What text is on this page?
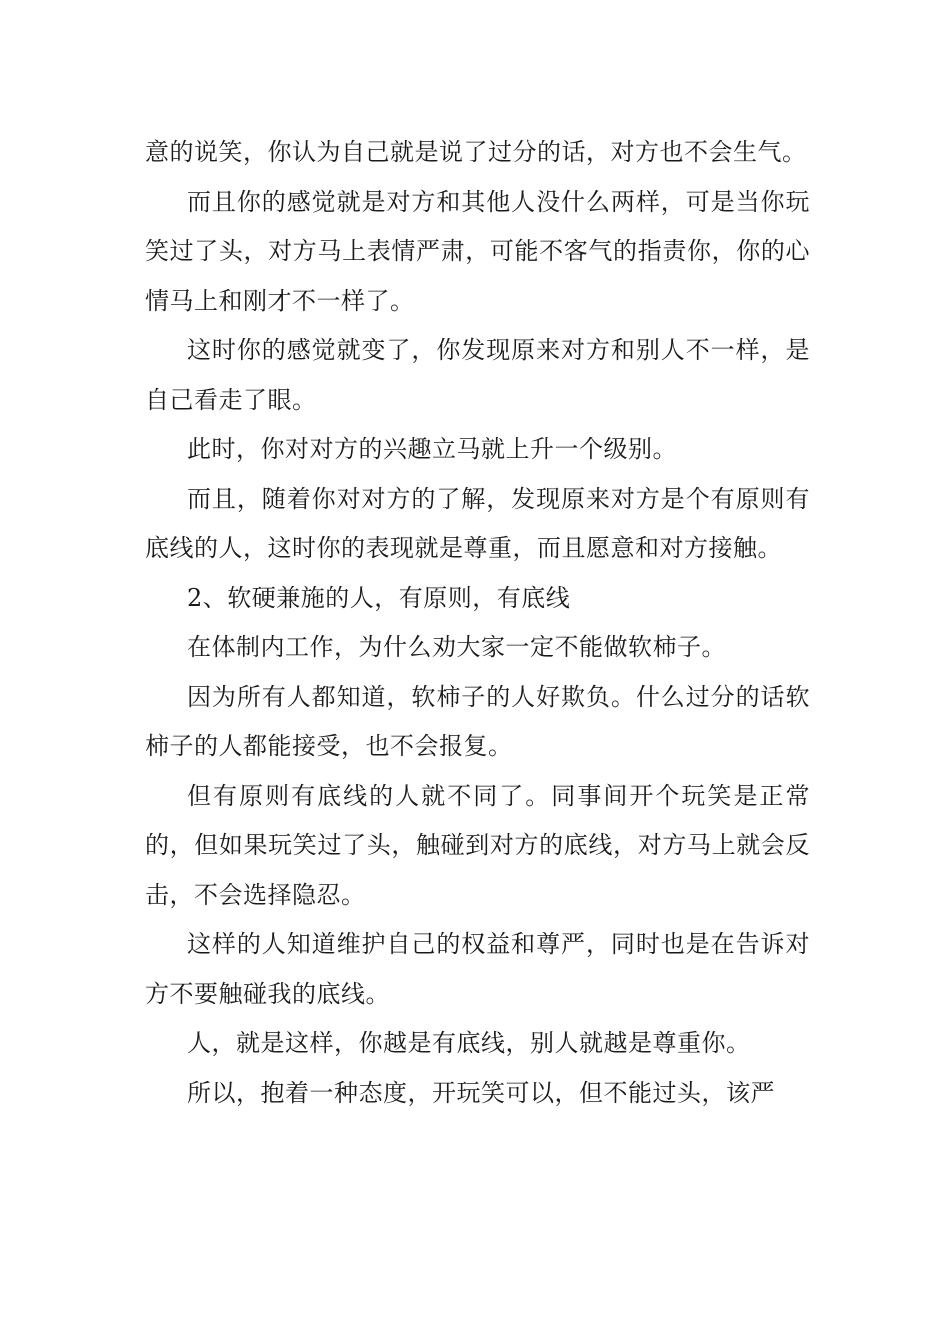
意的说笑，你认为自己就是说了过分的话，对方也不会生气。

而且你的感觉就是对方和其他人没什么两样，可是当你玩笑过了头，对方马上表情严肃，可能不客气的指责你，你的心情马上和刚才不一样了。

这时你的感觉就变了，你发现原来对方和别人不一样，是自己看走了眼。

此时，你对对方的兴趣立马就上升一个级别。

而且，随着你对对方的了解，发现原来对方是个有原则有底线的人，这时你的表现就是尊重，而且愿意和对方接触。

2、软硬兼施的人，有原则，有底线

在体制内工作，为什么劝大家一定不能做软柿子。

因为所有人都知道，软柿子的人好欺负。什么过分的话软柿子的人都能接受，也不会报复。

但有原则有底线的人就不同了。同事间开个玩笑是正常的，但如果玩笑过了头，触碰到对方的底线，对方马上就会反击，不会选择隐忍。

这样的人知道维护自己的权益和尊严，同时也是在告诉对方不要触碰我的底线。

人，就是这样，你越是有底线，别人就越是尊重你。

所以，抱着一种态度，开玩笑可以，但不能过头，该严
